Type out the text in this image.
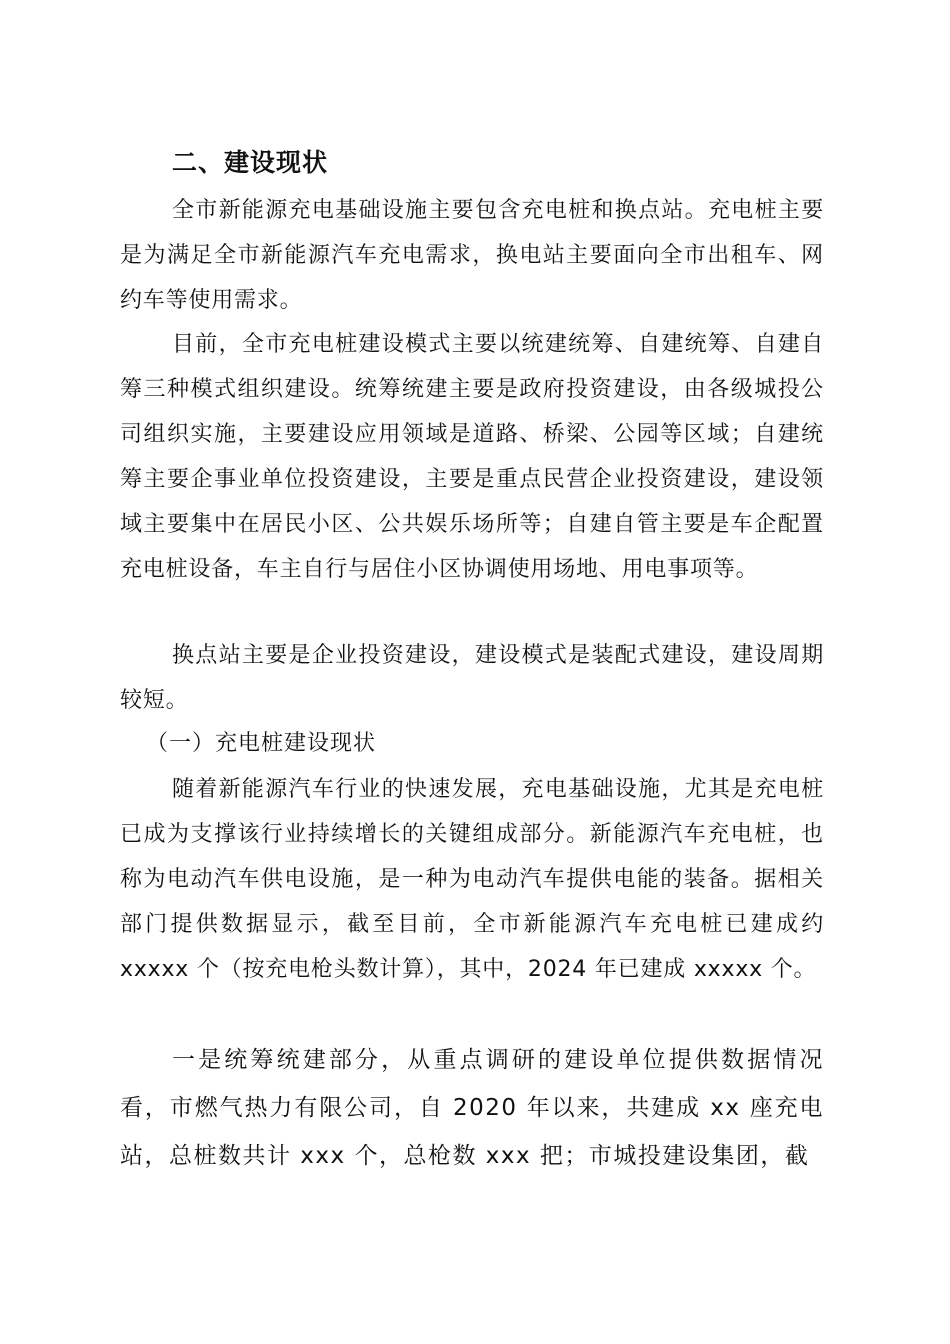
二、建设现状

全市新能源充电基础设施主要包含充电桩和换点站。充电桩主要是为满足全市新能源汽车充电需求，换电站主要面向全市出租车、网约车等使用需求。

目前，全市充电桩建设模式主要以统建统筹、自建统筹、自建自筹三种模式组织建设。统筹统建主要是政府投资建设，由各级城投公司组织实施，主要建设应用领域是道路、桥梁、公园等区域；自建统筹主要企事业单位投资建设，主要是重点民营企业投资建设，建设领域主要集中在居民小区、公共娱乐场所等；自建自管主要是车企配置充电桩设备，车主自行与居住小区协调使用场地、用电事项等。

换点站主要是企业投资建设，建设模式是装配式建设，建设周期较短。

（一）充电桩建设现状

随着新能源汽车行业的快速发展，充电基础设施，尤其是充电桩已成为支撑该行业持续增长的关键组成部分。新能源汽车充电桩，也称为电动汽车供电设施，是一种为电动汽车提供电能的装备。据相关部门提供数据显示，截至目前，全市新能源汽车充电桩已建成约 xxxxx 个（按充电枪头数计算），其中，2024 年已建成 xxxxx 个。

一是统筹统建部分，从重点调研的建设单位提供数据情况看，市燃气热力有限公司，自 2020 年以来，共建成 xx 座充电站，总桩数共计 xxx 个，总枪数 xxx 把；市城投建设集团，截
